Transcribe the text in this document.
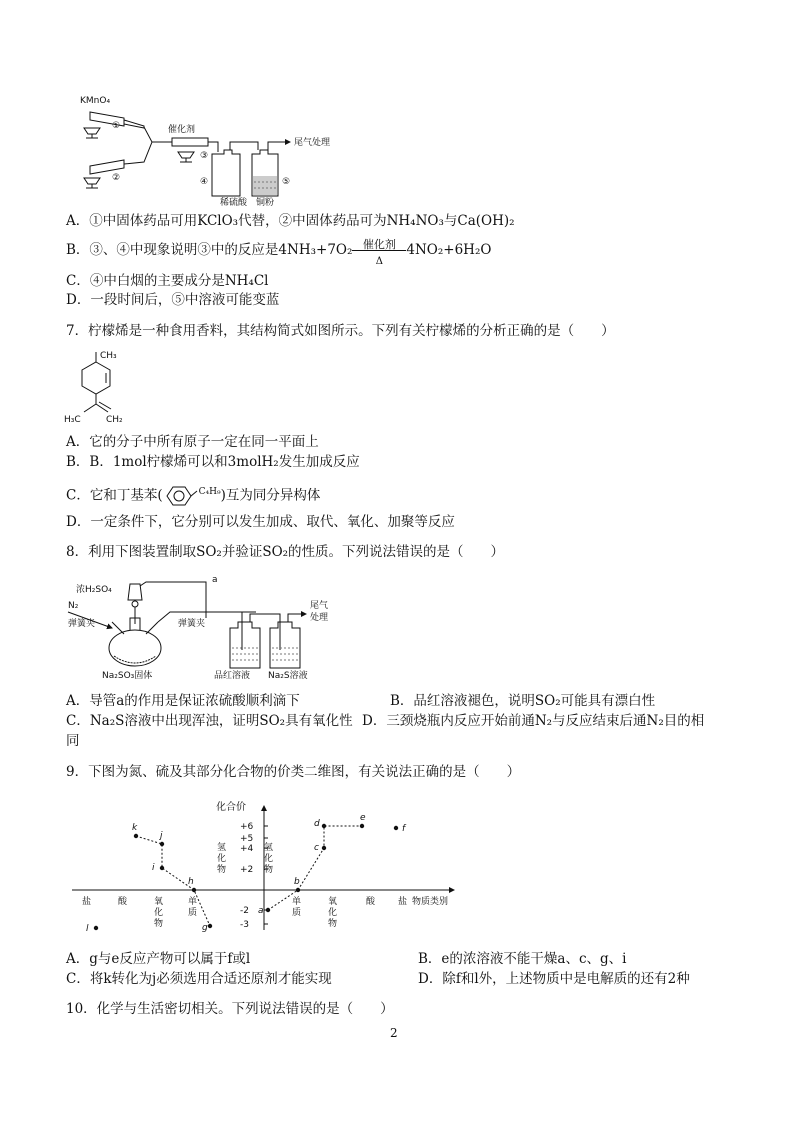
KMnO₄
①
②
催化剂
③
④	⑤
尾气处理
稀硫酸 铜粉
A．①中固体药品可用KClO₃代替，②中固体药品可为NH₄NO₃与Ca(OH)₂
B．③、④中现象说明③中的反应是4NH₃+7O₂ 催化剂
Δ
4NO₂+6H₂O
C．④中白烟的主要成分是NH₄Cl
D．一段时间后，⑤中溶液可能变蓝
7．柠檬烯是一种食用香料，其结构简式如图所示。下列有关柠檬烯的分析正确的是（　　）
CH₃
H₃C	CH₂
A．它的分子中所有原子一定在同一平面上
B．B．1mol柠檬烯可以和3molH₂发生加成反应
C．它和丁基苯(	$^{C_4H_9}$)互为同分异构体
D．一定条件下，它分别可以发生加成、取代、氧化、加聚等反应
8．利用下图装置制取SO₂并验证SO₂的性质。下列说法错误的是（　　）
浓H₂SO₄
a
N₂
弹簧夹
Na₂SO₃固体
弹簧夹
品红溶液
尾气
处理
Na₂S溶液
A．导管a的作用是保证浓硫酸顺利滴下	B．品红溶液褪色，说明SO₂可能具有漂白性
C．Na₂S溶液中出现浑浊，证明SO₂具有氧化性 D．三颈烧瓶内反应开始前通N₂与反应结束后通N₂目的相
同
9．下图为氮、硫及其部分化合物的价类二维图，有关说法正确的是（　　）
化合价
物质类别
+6
+5
+4
+2
-2
-3
盐	酸	氧
化
物
单
质
单
质
氧
化
物
酸	盐
氢
化
物
氢
化
物
k
j
i
h
g
l
a
b
c
d
e
f
A．g与e反应产物可以属于f或l	B．e的浓溶液不能干燥a、c、g、i
C．将k转化为j必须选用合适还原剂才能实现	D．除f和l外，上述物质中是电解质的还有2种
10．化学与生活密切相关。下列说法错误的是（　　）
2
